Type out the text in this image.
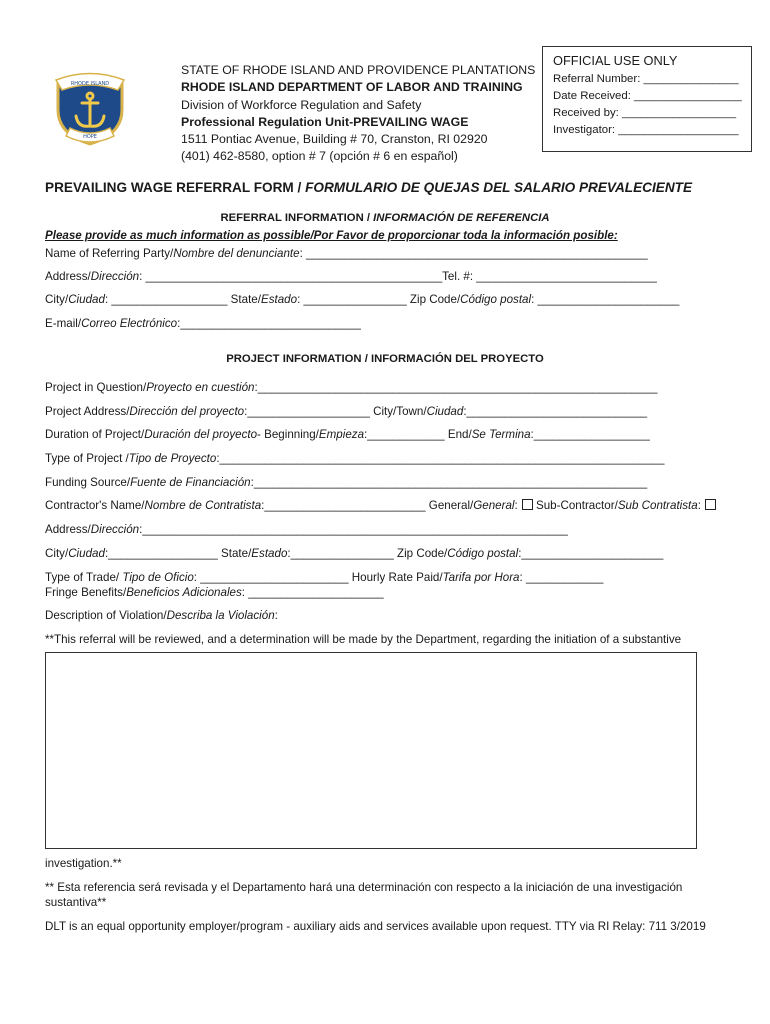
RHODE ISLAND
HOPE
STATE OF RHODE ISLAND AND PROVIDENCE PLANTATIONS
RHODE ISLAND DEPARTMENT OF LABOR AND TRAINING
Division of Workforce Regulation and Safety
Professional Regulation Unit-PREVAILING WAGE
1511 Pontiac Avenue, Building # 70, Cranston, RI 02920
(401) 462-8580, option # 7 (opción # 6 en español)
OFFICIAL USE ONLY
Referral Number: _______________
Date Received: _________________
Received by: __________________
Investigator: ___________________
PREVAILING WAGE REFERRAL FORM / FORMULARIO DE QUEJAS DEL SALARIO PREVALECIENTE
REFERRAL INFORMATION / INFORMACIÓN DE REFERENCIA
Please provide as much information as possible/Por Favor de proporcionar toda la información posible:
Name of Referring Party/Nombre del denunciante: _____________________________________________________
Address/Dirección: ______________________________________________Tel. #: ____________________________
City/Ciudad: __________________ State/Estado: ________________ Zip Code/Código postal: ______________________
E-mail/Correo Electrónico:____________________________
PROJECT INFORMATION / INFORMACIÓN DEL PROYECTO
Project in Question/Proyecto en cuestión:______________________________________________________________
Project Address/Dirección del proyecto:___________________ City/Town/Ciudad:____________________________
Duration of Project/Duración del proyecto- Beginning/Empieza:____________ End/Se Termina:__________________
Type of Project /Tipo de Proyecto:_____________________________________________________________________
Funding Source/Fuente de Financiación:_____________________________________________________________
Contractor's Name/Nombre de Contratista:_________________________ General/General: Sub-Contractor/Sub Contratista:
Address/Dirección:__________________________________________________________________
City/Ciudad:_________________ State/Estado:________________ Zip Code/Código postal:______________________
Type of Trade/ Tipo de Oficio: _______________________ Hourly Rate Paid/Tarifa por Hora: ____________
Fringe Benefits/Beneficios Adicionales: _____________________
Description of Violation/Describa la Violación:
**This referral will be reviewed, and a determination will be made by the Department, regarding the initiation of a substantive
investigation.**
** Esta referencia será revisada y el Departamento hará una determinación con respecto a la iniciación de una investigación
sustantiva**
DLT is an equal opportunity employer/program - auxiliary aids and services available upon request. TTY via RI Relay: 711 3/2019
